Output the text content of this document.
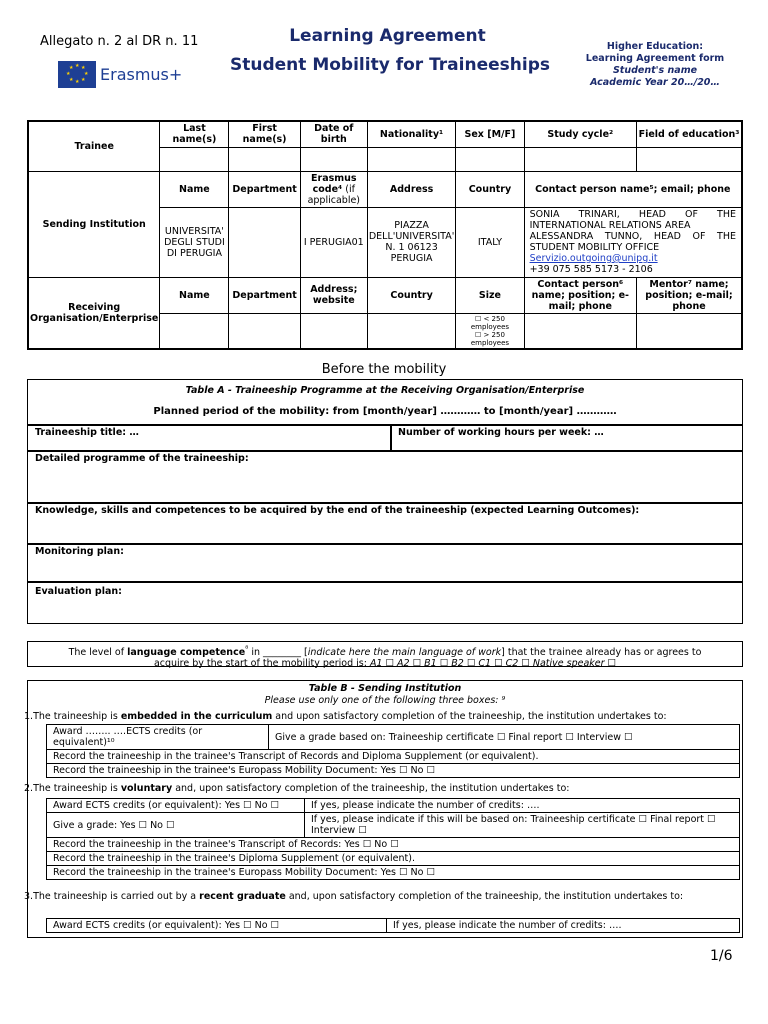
Allegato n. 2 al DR n. 11
★ ★
★
★
★
★
★
★ Erasmus+
Learning Agreement
Student Mobility for Traineeships
Higher Education:
Learning Agreement form
Student's name
Academic Year 20…/20…
Trainee	Last name(s)	First name(s)	Date of birth	Nationality¹	Sex [M/F]	Study cycle²	Field of education³

Sending Institution	Name	Department	Erasmus code⁴ (if applicable)	Address	Country	Contact person name⁵; email; phone	
	UNIVERSITA' DEGLI STUDI DI PERUGIA		I PERUGIA01	PIAZZA DELL'UNIVERSITA' N. 1 06123 PERUGIA	ITALY	SONIA TRINARI, HEAD OF THE INTERNATIONAL RELATIONS AREA
ALESSANDRA TUNNO, HEAD OF THE STUDENT MOBILITY OFFICE
Servizio.outgoing@unipg.it
+39 075 585 5173 - 2106	

Receiving Organisation/Enterprise	Name	Department	Address; website	Country	Size	Contact person⁶ name; position; e-mail; phone	Mentor⁷ name; position; e-mail; phone

					☐ < 250 employees
☐ > 250 employees		

Before the mobility
Table A - Traineeship Programme at the Receiving Organisation/Enterprise
Planned period of the mobility: from [month/year] ………… to [month/year] …………
Traineeship title: …	Number of working hours per week: …
Detailed programme of the traineeship:
Knowledge, skills and competences to be acquired by the end of the traineeship (expected Learning Outcomes):
Monitoring plan:
Evaluation plan:
The level of language competence$^{^8}$ in ________ [indicate here the main language of work] that the trainee already has or agrees to
acquire by the start of the mobility period is: A1 ☐ A2 ☐ B1 ☐ B2 ☐ C1 ☐ C2 ☐ Native speaker ☐
Table B - Sending Institution
Please use only one of the following three boxes: ⁹
1.The traineeship is embedded in the curriculum and upon satisfactory completion of the traineeship, the institution undertakes to:
Award …….. ….ECTS credits (or equivalent)¹⁰	Give a grade based on: Traineeship certificate ☐ Final report ☐ Interview ☐
Record the traineeship in the trainee's Transcript of Records and Diploma Supplement (or equivalent).
Record the traineeship in the trainee's Europass Mobility Document: Yes ☐ No ☐
2.The traineeship is voluntary and, upon satisfactory completion of the traineeship, the institution undertakes to:
Award ECTS credits (or equivalent): Yes ☐ No ☐	If yes, please indicate the number of credits: ….
Give a grade: Yes ☐ No ☐	If yes, please indicate if this will be based on: Traineeship certificate ☐ Final report ☐ Interview ☐
Record the traineeship in the trainee's Transcript of Records: Yes ☐ No ☐	
Record the traineeship in the trainee's Diploma Supplement (or equivalent).	
Record the traineeship in the trainee's Europass Mobility Document: Yes ☐ No ☐	
3.The traineeship is carried out by a recent graduate and, upon satisfactory completion of the traineeship, the institution undertakes to:
Award ECTS credits (or equivalent): Yes ☐ No ☐	If yes, please indicate the number of credits: ….
1/6
